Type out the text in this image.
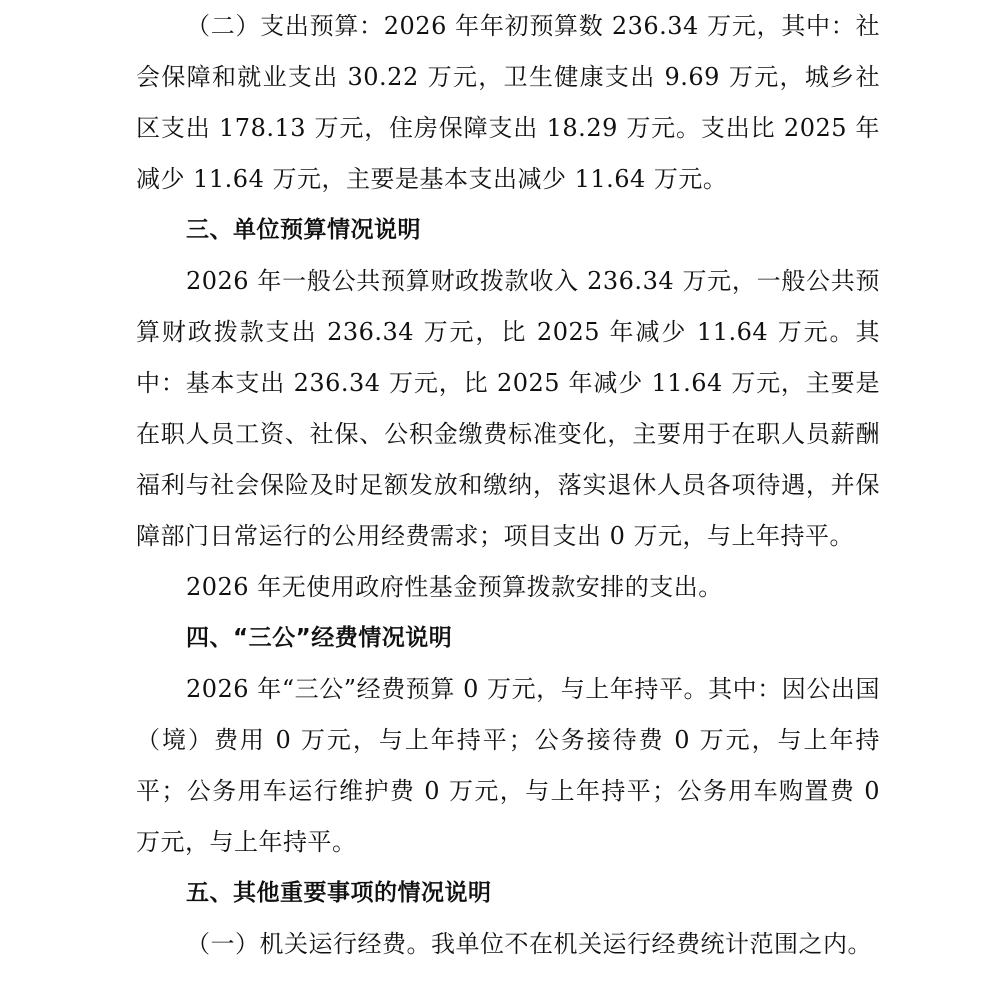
（二）支出预算：2026 年年初预算数 236.34 万元，其中：社会保障和就业支出 30.22 万元，卫生健康支出 9.69 万元，城乡社区支出 178.13 万元，住房保障支出 18.29 万元。支出比 2025 年减少 11.64 万元，主要是基本支出减少 11.64 万元。

三、单位预算情况说明

2026 年一般公共预算财政拨款收入 236.34 万元，一般公共预算财政拨款支出 236.34 万元，比 2025 年减少 11.64 万元。其中：基本支出 236.34 万元，比 2025 年减少 11.64 万元，主要是在职人员工资、社保、公积金缴费标准变化，主要用于在职人员薪酬福利与社会保险及时足额发放和缴纳，落实退休人员各项待遇，并保障部门日常运行的公用经费需求；项目支出 0 万元，与上年持平。

2026 年无使用政府性基金预算拨款安排的支出。

四、“三公”经费情况说明

2026 年“三公”经费预算 0 万元，与上年持平。其中：因公出国（境）费用 0 万元，与上年持平；公务接待费 0 万元，与上年持平；公务用车运行维护费 0 万元，与上年持平；公务用车购置费 0 万元，与上年持平。

五、其他重要事项的情况说明

（一）机关运行经费。我单位不在机关运行经费统计范围之内。
